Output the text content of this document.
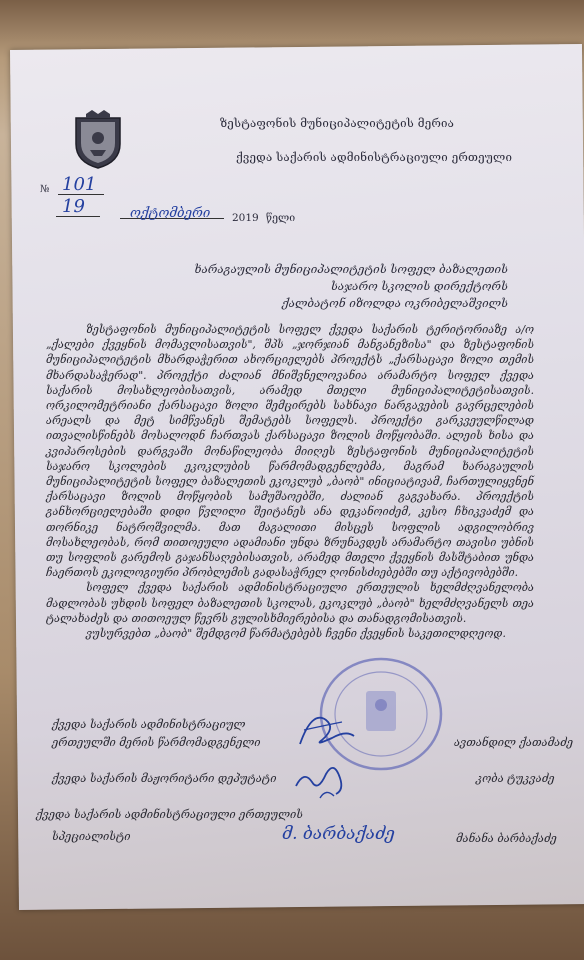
ზესტაფონის მუნიციპალიტეტის მერია
ქვედა საქარის ადმინისტრაციული ერთეული
№ 101
19	ოქტომბერი 2019 წელი
ხარაგაულის მუნიციპალიტეტის სოფელ ბაზალეთის
საჯარო სკოლის დირექტორს
ქალბატონ იზოლდა ოკრიბელაშვილს

ზესტაფონის მუნიციპალიტეტის სოფელ ქვედა საქარის ტერიტორიაზე ა/ო „ქალები ქვეყნის მომავლისათვის", შპს „ჯორჯიან მანგანეზისა" და ზესტაფონის მუნიციპალიტეტის მხარდაჭერით ახორციელებს პროექტს „ქარსაცავი ზოლი თემის მხარდასაჭერად". პროექტი ძალიან მნიშვნელოვანია არამარტო სოფელ ქვედა საქარის მოსახლეობისათვის, არამედ მთელი მუნიციპალიტეტისათვის. ორკილომეტრიანი ქარსაცავი ზოლი შემცირებს სახნავი ნარგავების გავრცელების არეალს და მეტ სიმწვანეს შემატებს სოფელს. პროექტი გარკვეულწილად ითვალისწინებს მოსალოდნ ჩართვას ქარსაცავი ზოლის მოწყობაში. ალეის ხისა და კვიპაროსების დარგვაში მონაწილეობა მიიღეს ზესტაფონის მუნიციპალიტეტის საჯარო სკოლების ეკოკლუბის წარმომადგენლებმა, მაგრამ ხარაგაულის მუნიციპალიტეტის სოფელ ბაზალეთის ეკოკლუბ „ბაობ" ინიციატივამ, ჩართულიყვნენ ქარსაცავი ზოლის მოწყობის სამუშაოებში, ძალიან გაგვახარა. პროექტის განხორციელებაში დიდი წვლილი შეიტანეს ანა დეკანოიძემ, კესო ჩხიკვაძემ და თორნიკე ნატროშვილმა. მათ მაგალითი მისცეს სოფლის ადგილობრივ მოსახლეობას, რომ თითოეული ადამიანი უნდა ზრუნავდეს არამარტო თავისი უბნის თუ სოფლის გარემოს გაჯანსაღებისათვის, არამედ მთელი ქვეყნის მასშტაბით უნდა ჩაერთოს ეკოლოგიური პრობლემის გადასაჭრელ ღონისძიებებში თუ აქტივობებში.

სოფელ ქვედა საქარის ადმინისტრაციული ერთეულის ხელმძღვანელობა მადლობას უხდის სოფელ ბაზალეთის სკოლას, ეკოკლუბ „ბაობ" ხელმძღვანელს თეა ტალახაძეს და თითოეულ წევრს გულისხმიერებისა და თანადგომისათვის.

ვუსურვებთ „ბაობ" შემდგომ წარმატებებს ჩვენი ქვეყნის საკეთილდღეოდ.

ქვედა საქარის ადმინისტრაციულ
ერთეულში მერის წარმომადგენელი	ავთანდილ ქათამაძე
ქვედა საქარის მაჟორიტარი დეპუტატი	კობა ტუკვაძე
ქვედა საქარის ადმინისტრაციული ერთეულის
სპეციალისტი	მ. ბარბაქაძე	მანანა ბარბაქაძე
